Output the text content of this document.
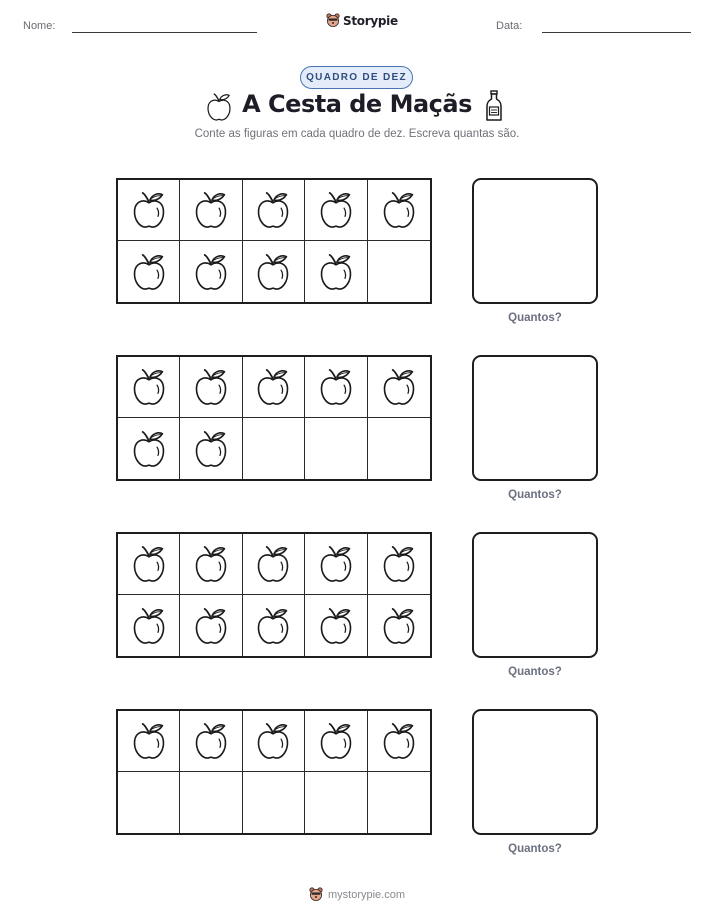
Nome:	Storypie	Data:
QUADRO DE DEZ
A Cesta de Maçãs
Conte as figuras em cada quadro de dez. Escreva quantas são.
Quantos?
Quantos?
Quantos?
Quantos?
mystorypie.com
